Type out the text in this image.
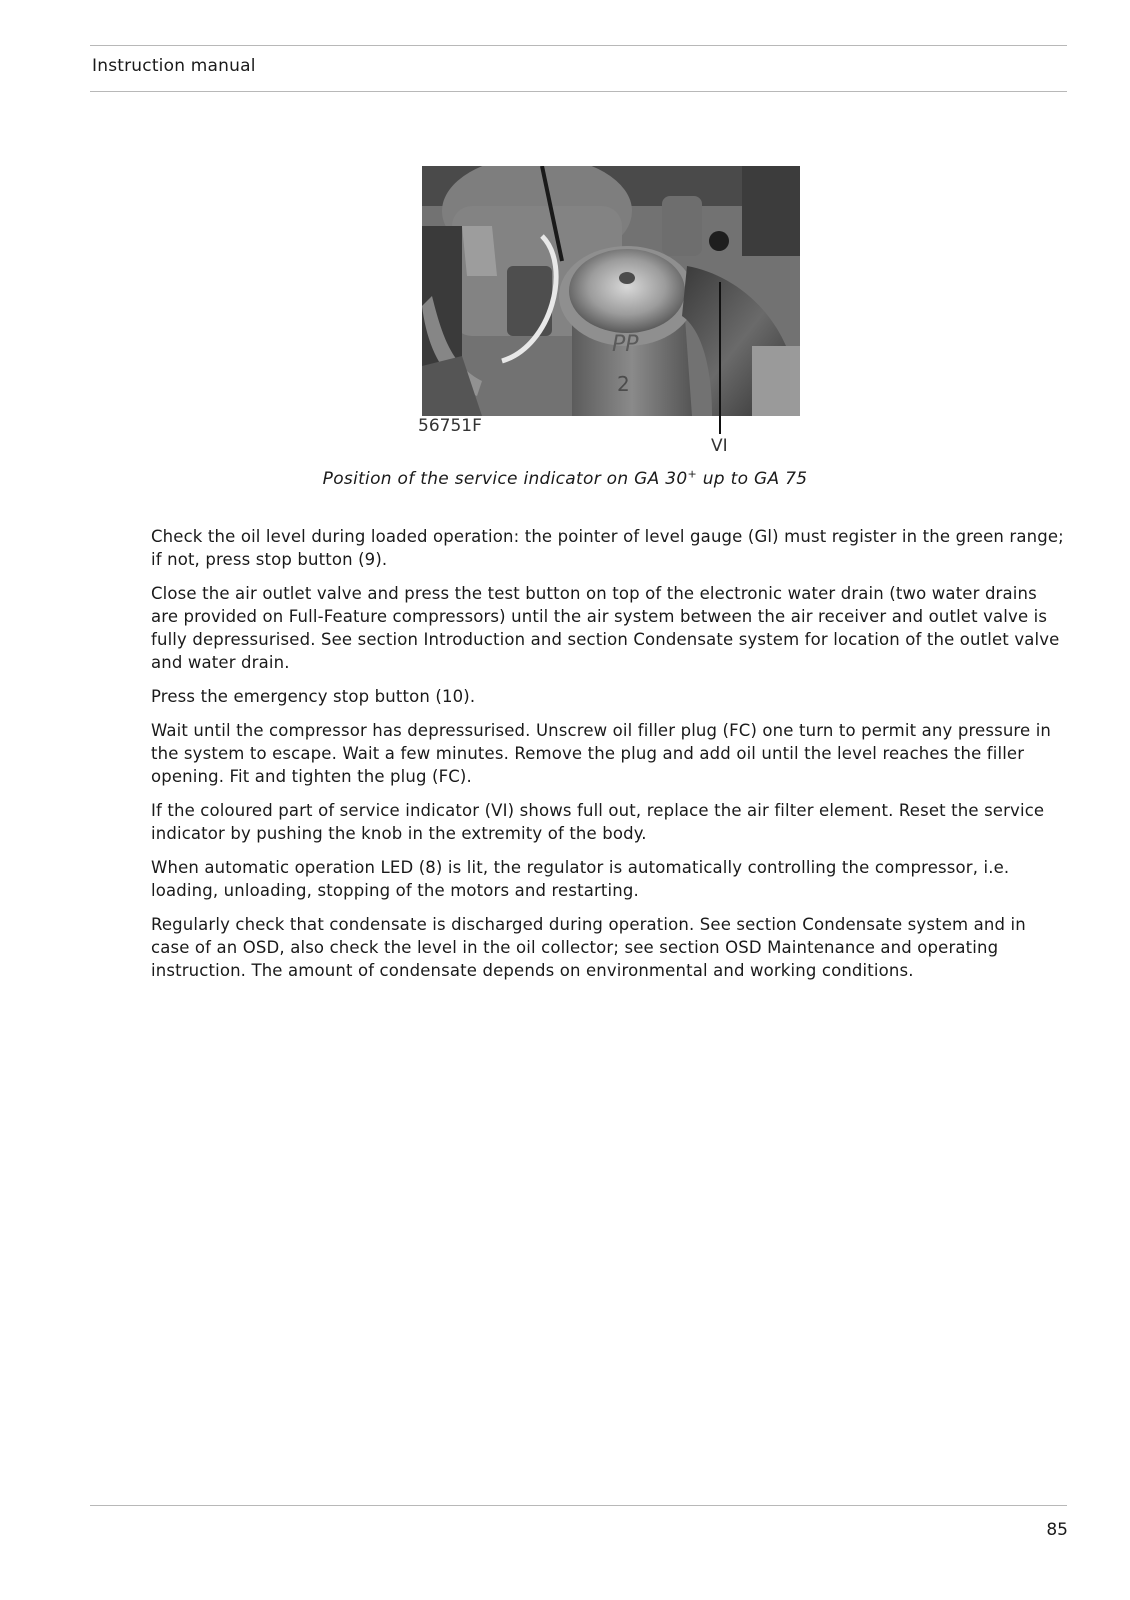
Instruction manual
PP
2
56751F
VI
Position of the service indicator on GA 30+ up to GA 75

Check the oil level during loaded operation: the pointer of level gauge (Gl) must register in the green range; if not, press stop button (9).

Close the air outlet valve and press the test button on top of the electronic water drain (two water drains are provided on Full-Feature compressors) until the air system between the air receiver and outlet valve is fully depressurised. See section Introduction and section Condensate system for location of the outlet valve and water drain.

Press the emergency stop button (10).

Wait until the compressor has depressurised. Unscrew oil filler plug (FC) one turn to permit any pressure in the system to escape. Wait a few minutes. Remove the plug and add oil until the level reaches the filler opening. Fit and tighten the plug (FC).

If the coloured part of service indicator (VI) shows full out, replace the air filter element. Reset the service indicator by pushing the knob in the extremity of the body.

When automatic operation LED (8) is lit, the regulator is automatically controlling the compressor, i.e. loading, unloading, stopping of the motors and restarting.

Regularly check that condensate is discharged during operation. See section Condensate system and in case of an OSD, also check the level in the oil collector; see section OSD Maintenance and operating instruction. The amount of condensate depends on environmental and working conditions.

85
